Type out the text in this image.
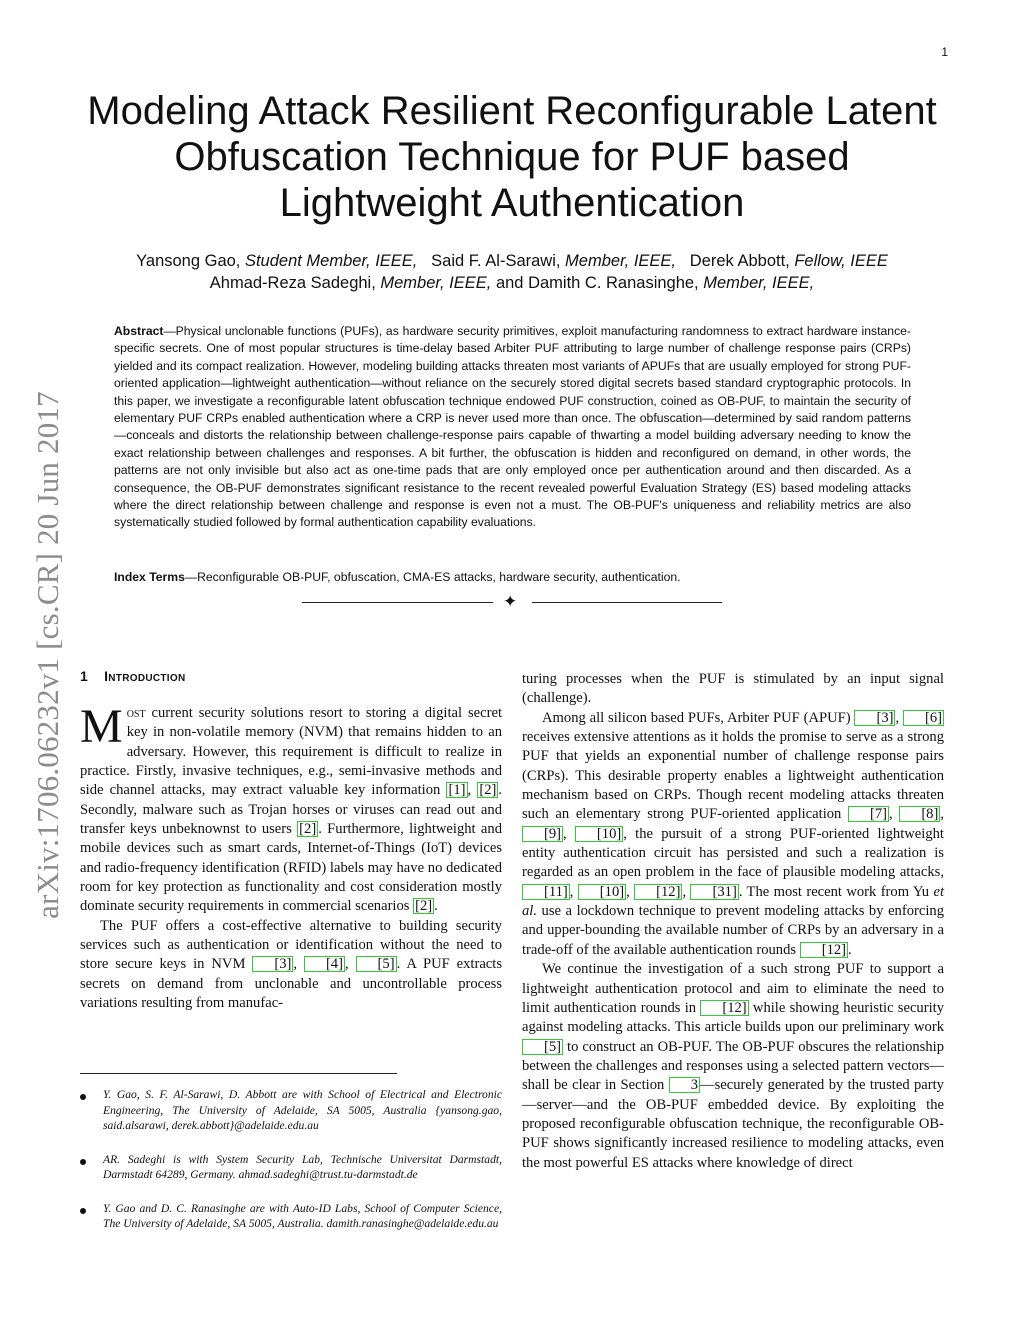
1
arXiv:1706.06232v1 [cs.CR] 20 Jun 2017
Modeling Attack Resilient Reconfigurable Latent
Obfuscation Technique for PUF based
Lightweight Authentication
Yansong Gao, Student Member, IEEE, Said F. Al-Sarawi, Member, IEEE, Derek Abbott, Fellow, IEEE
Ahmad-Reza Sadeghi, Member, IEEE, and Damith C. Ranasinghe, Member, IEEE,
Abstract—Physical unclonable functions (PUFs), as hardware security primitives, exploit manufacturing randomness to extract hardware instance-specific secrets. One of most popular structures is time-delay based Arbiter PUF attributing to large number of challenge response pairs (CRPs) yielded and its compact realization. However, modeling building attacks threaten most variants of APUFs that are usually employed for strong PUF-oriented application—lightweight authentication—without reliance on the securely stored digital secrets based standard cryptographic protocols. In this paper, we investigate a reconfigurable latent obfuscation technique endowed PUF construction, coined as OB-PUF, to maintain the security of elementary PUF CRPs enabled authentication where a CRP is never used more than once. The obfuscation—determined by said random patterns—conceals and distorts the relationship between challenge-response pairs capable of thwarting a model building adversary needing to know the exact relationship between challenges and responses. A bit further, the obfuscation is hidden and reconfigured on demand, in other words, the patterns are not only invisible but also act as one-time pads that are only employed once per authentication around and then discarded. As a consequence, the OB-PUF demonstrates significant resistance to the recent revealed powerful Evaluation Strategy (ES) based modeling attacks where the direct relationship between challenge and response is even not a must. The OB-PUF's uniqueness and reliability metrics are also systematically studied followed by formal authentication capability evaluations.
Index Terms—Reconfigurable OB-PUF, obfuscation, CMA-ES attacks, hardware security, authentication.
✦
1 Introduction

Most current security solutions resort to storing a digital secret key in non-volatile memory (NVM) that remains hidden to an adversary. However, this requirement is difficult to realize in practice. Firstly, invasive techniques, e.g., semi-invasive methods and side channel attacks, may extract valuable key information [1] , [2] . Secondly, malware such as Trojan horses or viruses can read out and transfer keys unbeknownst to users [2] . Furthermore, lightweight and mobile devices such as smart cards, Internet-of-Things (IoT) devices and radio-frequency identification (RFID) labels may have no dedicated room for key protection as functionality and cost consideration mostly dominate security requirements in commercial scenarios [2] .

The PUF offers a cost-effective alternative to building security services such as authentication or identification without the need to store secure keys in NVM [3] , [4] , [5] . A PUF extracts secrets on demand from unclonable and uncontrollable process variations resulting from manufac-

Y. Gao, S. F. Al-Sarawi, D. Abbott are with School of Electrical and Electronic Engineering, The University of Adelaide, SA 5005, Australia {yansong.gao, said.alsarawi, derek.abbott}@adelaide.edu.au
AR. Sadeghi is with System Security Lab, Technische Universitat Darmstadt, Darmstadt 64289, Germany. ahmad.sadeghi@trust.tu-darmstadt.de
Y. Gao and D. C. Ranasinghe are with Auto-ID Labs, School of Computer Science, The University of Adelaide, SA 5005, Australia. damith.ranasinghe@adelaide.edu.au

turing processes when the PUF is stimulated by an input signal (challenge).

Among all silicon based PUFs, Arbiter PUF (APUF) [3] , [6] receives extensive attentions as it holds the promise to serve as a strong PUF that yields an exponential number of challenge response pairs (CRPs). This desirable property enables a lightweight authentication mechanism based on CRPs. Though recent modeling attacks threaten such an elementary strong PUF-oriented application [7] , [8] , [9] , [10] , the pursuit of a strong PUF-oriented lightweight entity authentication circuit has persisted and such a realization is regarded as an open problem in the face of plausible modeling attacks, [11] , [10] , [12] , [31] . The most recent work from Yu et al. use a lockdown technique to prevent modeling attacks by enforcing and upper-bounding the available number of CRPs by an adversary in a trade-off of the available authentication rounds [12] .

We continue the investigation of a such strong PUF to support a lightweight authentication protocol and aim to eliminate the need to limit authentication rounds in [12] while showing heuristic security against modeling attacks. This article builds upon our preliminary work [5] to construct an OB-PUF. The OB-PUF obscures the relationship between the challenges and responses using a selected pattern vectors—shall be clear in Section 3 —securely generated by the trusted party—server—and the OB-PUF embedded device. By exploiting the proposed reconfigurable obfuscation technique, the reconfigurable OB-PUF shows significantly increased resilience to modeling attacks, even the most powerful ES attacks where knowledge of direct
